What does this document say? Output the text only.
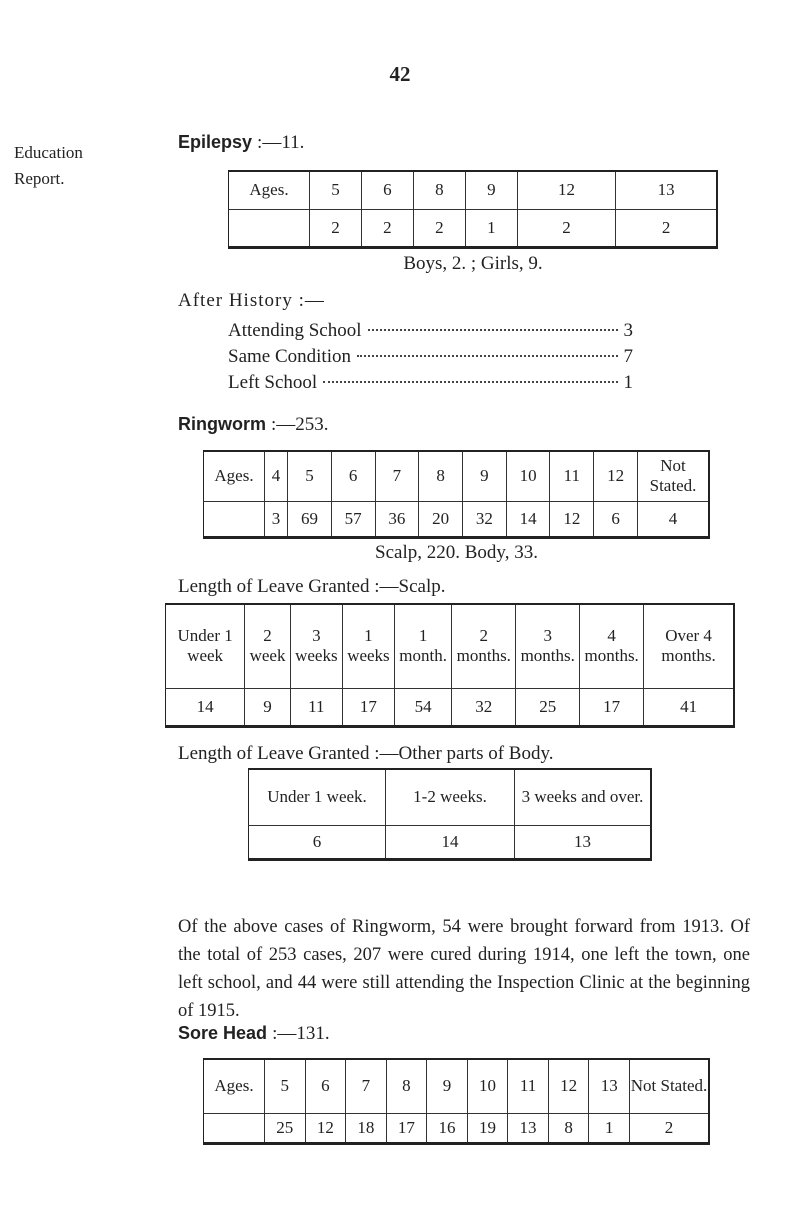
42
Education
Report.
Epilepsy :—11.
Ages.	5	6	8	9	12	13
	2	2	2	1	2	2
Boys, 2. ; Girls, 9.
After History :—
Attending School	3
Same Condition	7
Left School	1
Ringworm :—253.
Ages.	4	5	6	7	8	9	10	11	12	Not Stated.
	3	69	57	36	20	32	14	12	6	4
Scalp, 220. Body, 33.
Length of Leave Granted :—Scalp.
Under 1 week	2 week	3 weeks	1 weeks	1 month.	2 months.	3 months.	4 months.	Over 4 months.
14	9	11	17	54	32	25	17	41
Length of Leave Granted :—Other parts of Body.
Under 1 week.	1-2 weeks.	3 weeks and over.
6	14	13

Of the above cases of Ringworm, 54 were brought forward from 1913. Of the total of 253 cases, 207 were cured during 1914, one left the town, one left school, and 44 were still attending the Inspection Clinic at the beginning of 1915.

Sore Head :—131.
Ages.	5	6	7	8	9	10	11	12	13	Not Stated.
	25	12	18	17	16	19	13	8	1	2
